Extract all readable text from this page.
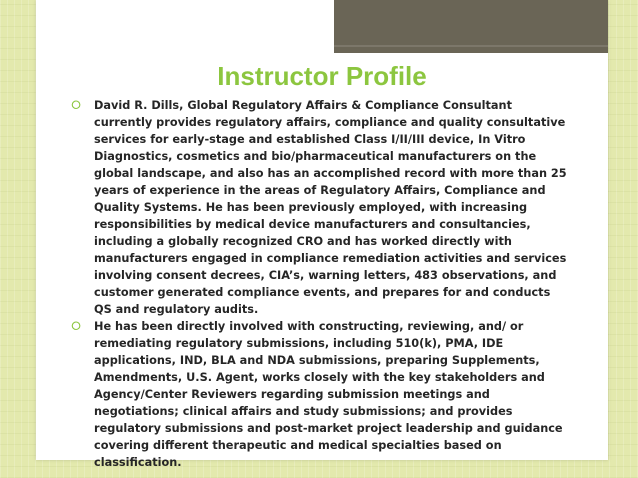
Instructor Profile
⭘ David R. Dills, Global Regulatory Affairs & Compliance Consultant currently provides regulatory affairs, compliance and quality consultative services for early-stage and established Class I/II/III device, In Vitro Diagnostics, cosmetics and bio/pharmaceutical manufacturers on the global landscape, and also has an accomplished record with more than 25 years of experience in the areas of Regulatory Affairs, Compliance and Quality Systems. He has been previously employed, with increasing responsibilities by medical device manufacturers and consultancies, including a globally recognized CRO and has worked directly with manufacturers engaged in compliance remediation activities and services involving consent decrees, CIA’s, warning letters, 483 observations, and customer generated compliance events, and prepares for and conducts QS and regulatory audits.
⭘ He has been directly involved with constructing, reviewing, and/ or remediating regulatory submissions, including 510(k), PMA, IDE applications, IND, BLA and NDA submissions, preparing Supplements, Amendments, U.S. Agent, works closely with the key stakeholders and Agency/Center Reviewers regarding submission meetings and negotiations; clinical affairs and study submissions; and provides regulatory submissions and post-market project leadership and guidance covering different therapeutic and medical specialties based on classification.
